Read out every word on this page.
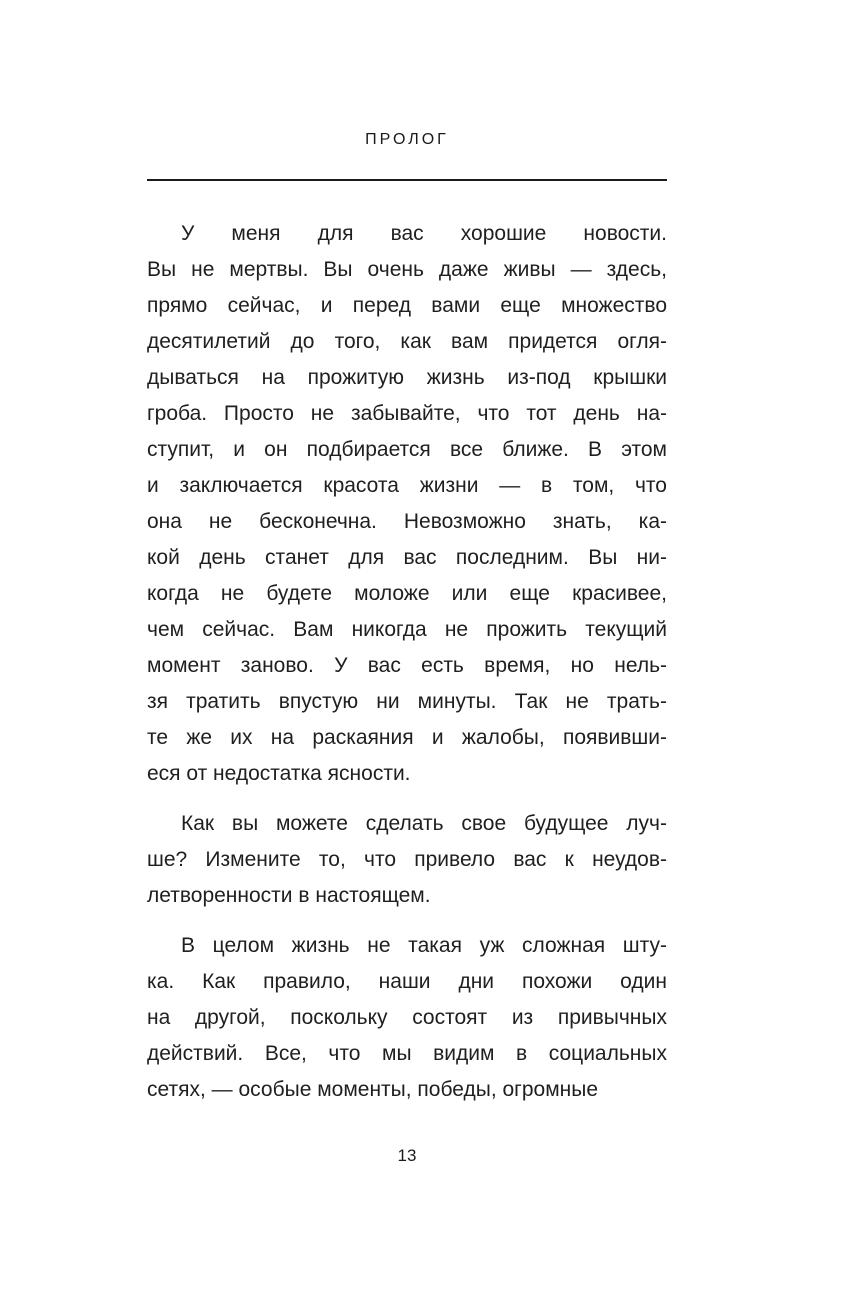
ПРОЛОГ
У меня для вас хорошие новости.
Вы не мертвы. Вы очень даже живы — здесь,
прямо сейчас, и перед вами еще множество
десятилетий до того, как вам придется огля-
дываться на прожитую жизнь из-под крышки
гроба. Просто не забывайте, что тот день на-
ступит, и он подбирается все ближе. В этом
и заключается красота жизни — в том, что
она не бесконечна. Невозможно знать, ка-
кой день станет для вас последним. Вы ни-
когда не будете моложе или еще красивее,
чем сейчас. Вам никогда не прожить текущий
момент заново. У вас есть время, но нель-
зя тратить впустую ни минуты. Так не трать-
те же их на раскаяния и жалобы, появивши-
еся от недостатка ясности.
Как вы можете сделать свое будущее луч-
ше? Измените то, что привело вас к неудов-
летворенности в настоящем.
В целом жизнь не такая уж сложная шту-
ка. Как правило, наши дни похожи один
на другой, поскольку состоят из привычных
действий. Все, что мы видим в социальных
сетях, — особые моменты, победы, огромные
13
